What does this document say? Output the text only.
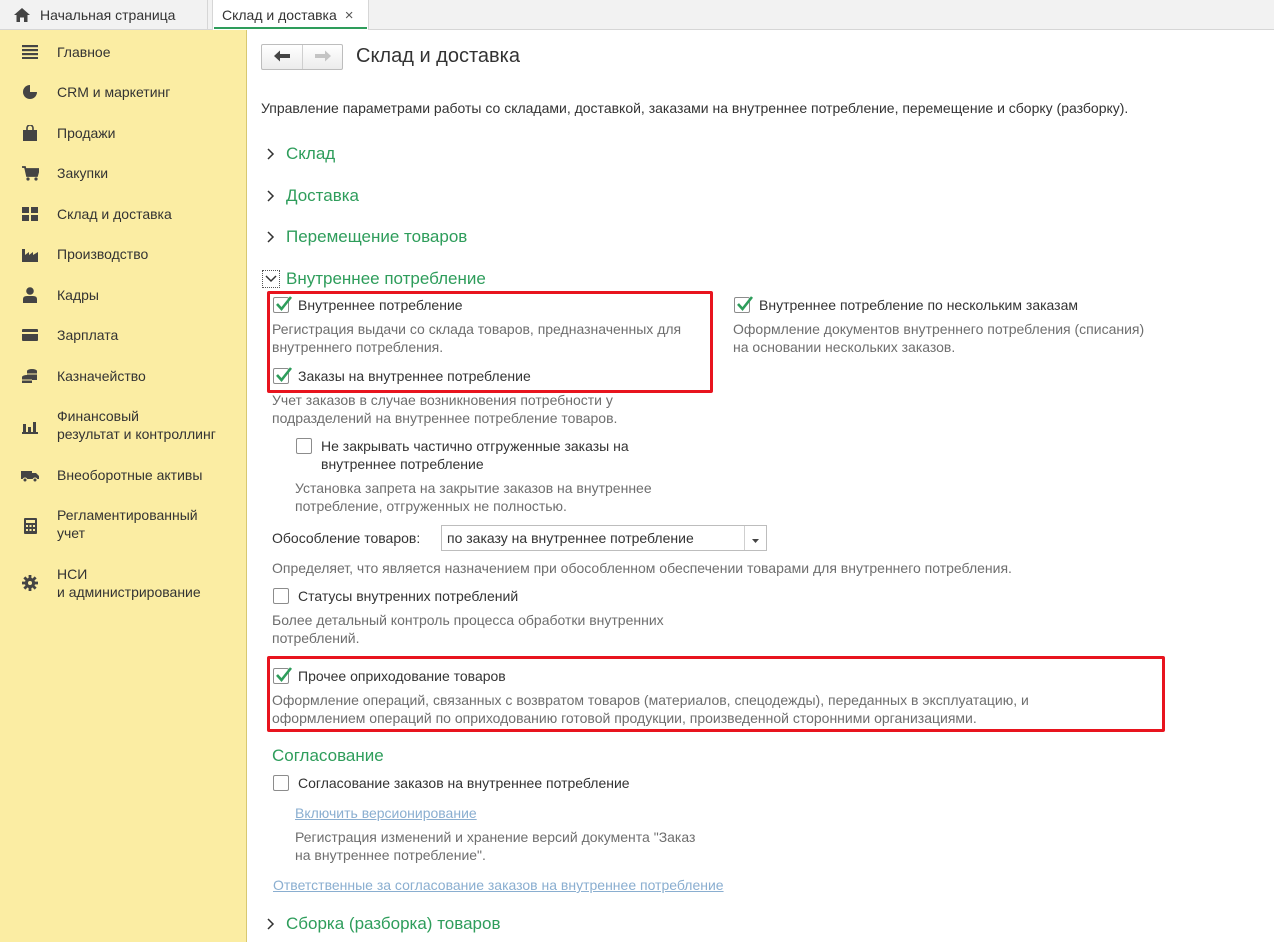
Начальная страница	Склад и доставка ×
Главное
CRM и маркетинг
Продажи
Закупки
Склад и доставка
Производство
Кадры
Зарплата
Казначейство
Финансовый
результат и контроллинг
Внеоборотные активы
Регламентированный
учет
НСИ
и администрирование
Склад и доставка
Управление параметрами работы со складами, доставкой, заказами на внутреннее потребление, перемещение и сборку (разборку).
Склад
Доставка
Перемещение товаров
Внутреннее потребление
Внутреннее потребление
Регистрация выдачи со склада товаров, предназначенных для
внутреннего потребления.
Внутреннее потребление по нескольким заказам
Оформление документов внутреннего потребления (списания)
на основании нескольких заказов.
Заказы на внутреннее потребление
Учет заказов в случае возникновения потребности у
подразделений на внутреннее потребление товаров.
Не закрывать частично отгруженные заказы на
внутреннее потребление
Установка запрета на закрытие заказов на внутреннее
потребление, отгруженных не полностью.
Обособление товаров:	по заказу на внутреннее потребление
Определяет, что является назначением при обособленном обеспечении товарами для внутреннего потребления.
Статусы внутренних потреблений
Более детальный контроль процесса обработки внутренних
потреблений.
Прочее оприходование товаров
Оформление операций, связанных с возвратом товаров (материалов, спецодежды), переданных в эксплуатацию, и
оформлением операций по оприходованию готовой продукции, произведенной сторонними организациями.
Согласование
Согласование заказов на внутреннее потребление
Включить версионирование
Регистрация изменений и хранение версий документа "Заказ
на внутреннее потребление".
Ответственные за согласование заказов на внутреннее потребление
Сборка (разборка) товаров
